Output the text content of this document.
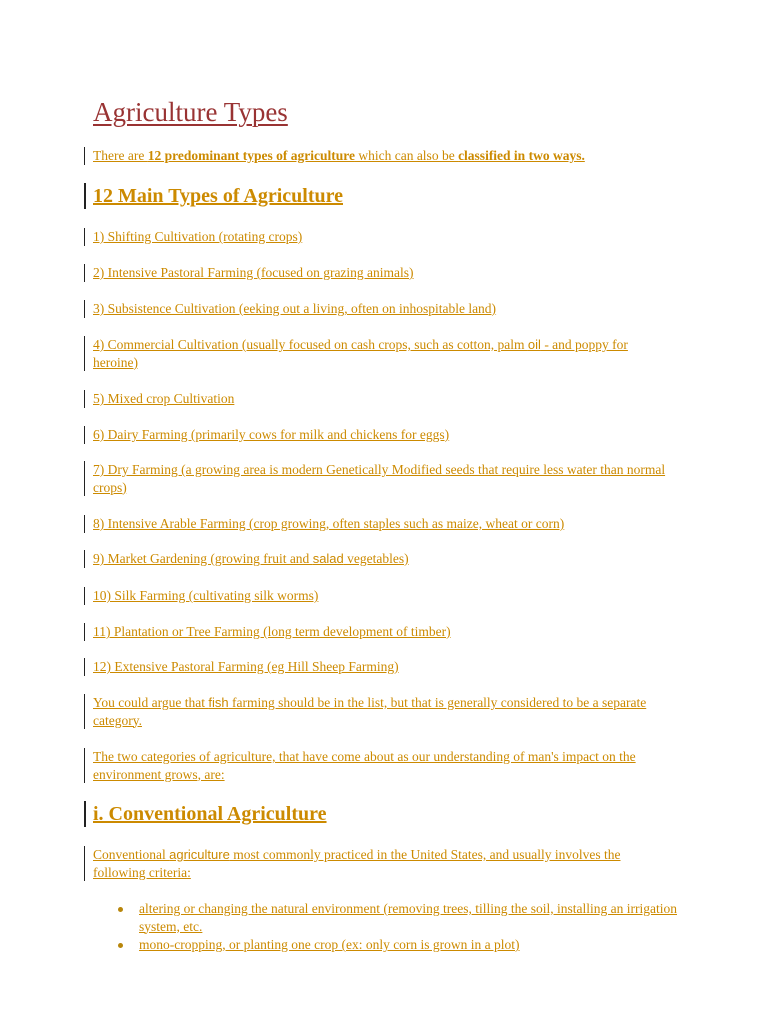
Agriculture Types
There are 12 predominant types of agriculture which can also be classified in two ways.
12 Main Types of Agriculture
1) Shifting Cultivation (rotating crops)
2) Intensive Pastoral Farming (focused on grazing animals)
3) Subsistence Cultivation (eeking out a living, often on inhospitable land)
4) Commercial Cultivation (usually focused on cash crops, such as cotton, palm oil - and poppy for heroine)
5) Mixed crop Cultivation
6) Dairy Farming (primarily cows for milk and chickens for eggs)
7) Dry Farming (a growing area is modern Genetically Modified seeds that require less water than normal crops)
8) Intensive Arable Farming (crop growing, often staples such as maize, wheat or corn)
9) Market Gardening (growing fruit and salad vegetables)
10) Silk Farming (cultivating silk worms)
11) Plantation or Tree Farming (long term development of timber)
12) Extensive Pastoral Farming (eg Hill Sheep Farming)
You could argue that fish farming should be in the list, but that is generally considered to be a separate category.
The two categories of agriculture, that have come about as our understanding of man's impact on the environment grows, are:
i. Conventional Agriculture
Conventional agriculture most commonly practiced in the United States, and usually involves the following criteria:
altering or changing the natural environment (removing trees, tilling the soil, installing an irrigation system, etc.
mono-cropping, or planting one crop (ex: only corn is grown in a plot)
